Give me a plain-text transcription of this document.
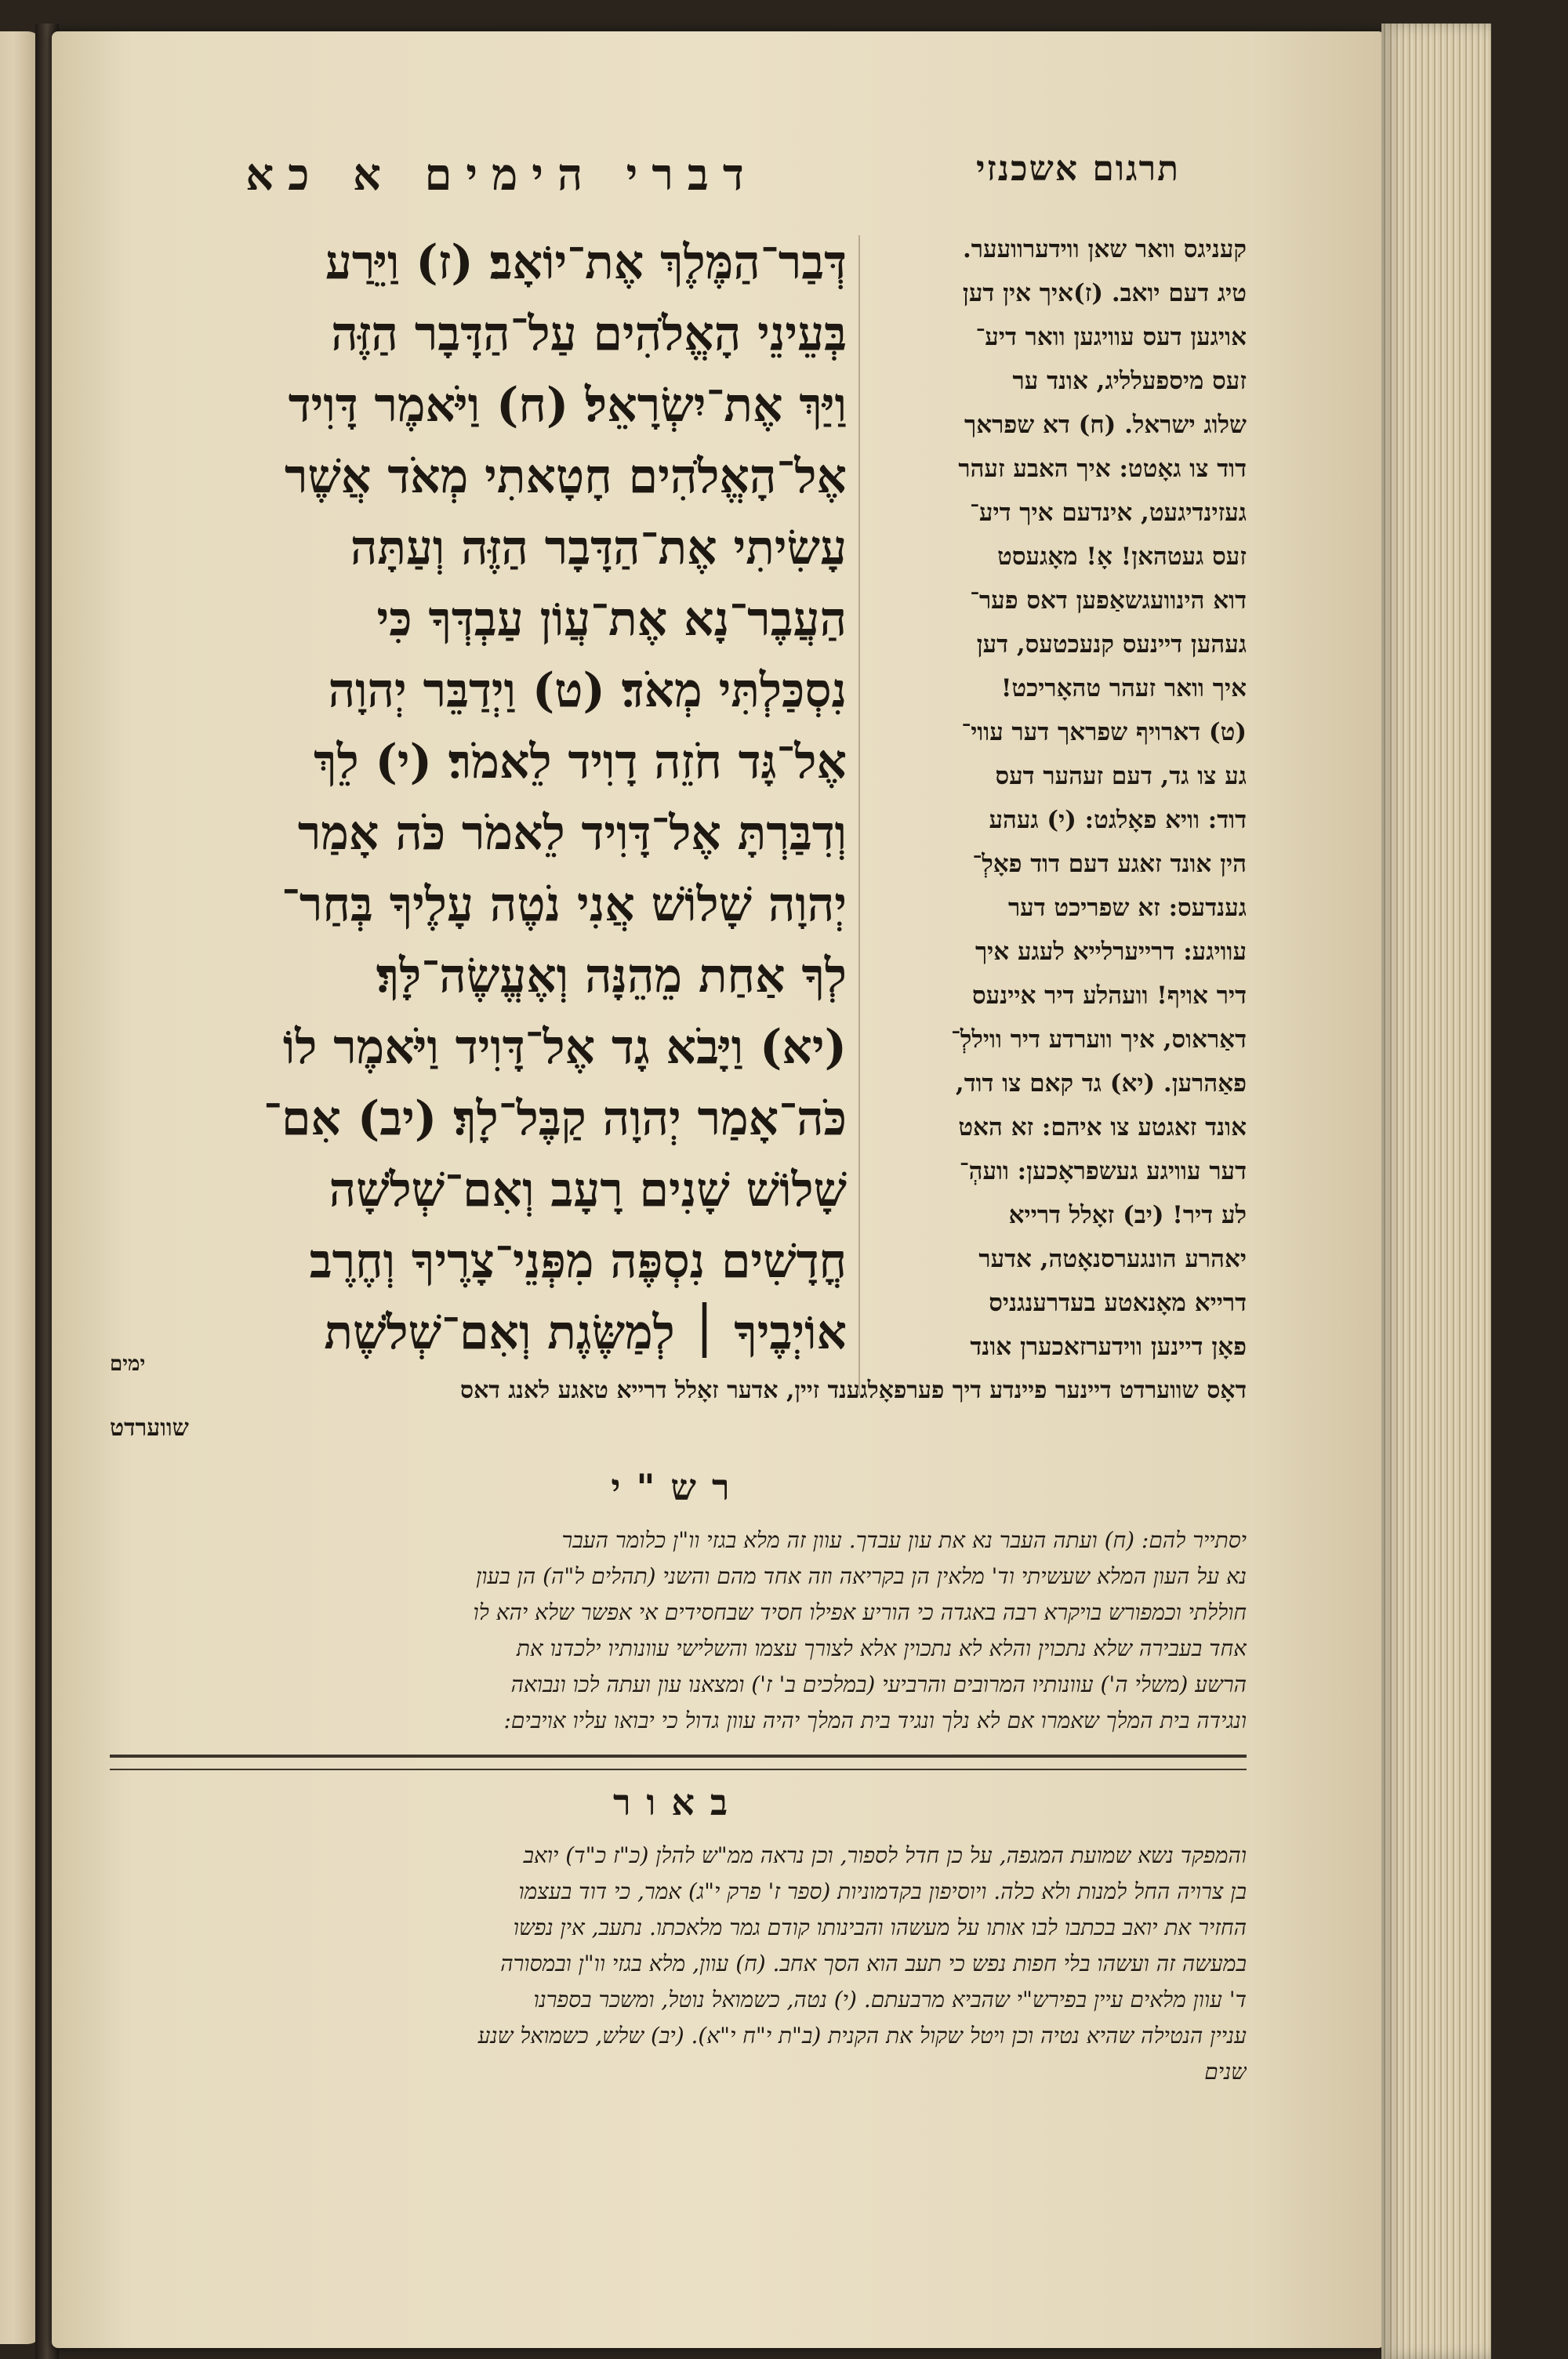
תרגום אשכנזי
דברי הימים א כא
קעניגס וואר שאן ווידערוועער.
טיג דעם יואב. (ז)איך אין דען
אויגען דעס עוויגען וואר דיע־
זעס מיספעלליג, אונד ער
שלוג ישראל. (ח) דא שפראך
דוד צו גאָטט: איך האבע זעהר
געזינדיגעט, אינדעם איך דיע־
זעס געטהאן! אָ! מאָגעסט
דוא הינוועגשאַפען דאס פער־
געהען דיינעס קנעכטעס, דען
איך וואר זעהר טהאָריכט!
(ט) דארויף שפראך דער עווי־
גע צו גד, דעם זעהער דעס
דוד: וויא פאָלגט: (י) געהע
הין אונד זאגע דעם דוד פאָלְ־
גענדעס: זא שפריכט דער
עוויגע: דרייערלייא לעגע איך
דיר אויף! וועהלע דיר איינעס
דאַראוס, איך ווערדע דיר וויללְ־
פאַהרען. (יא) גד קאם צו דוד,
אונד זאגטע צו איהם: זא האט
דער עוויגע געשפראָכען: וועהְ־
לע דיר! (יב) זאָלל דרייא
יאהרע הונגערסנאָטה, אדער
דרייא מאָנאטע בעדרענגניס
פאָן דיינען ווידערזאכערן אונד
דְּבַר־הַמֶּלֶךְ אֶת־יוֹאָב׃ (ז) וַיֵּרַע
בְּעֵינֵי הָאֱלֹהִים עַל־הַדָּבָר הַזֶּה
וַיַּךְ אֶת־יִשְׂרָאֵל׃ (ח) וַיֹּאמֶר דָּוִיד
אֶל־הָאֱלֹהִים חָטָאתִי מְאֹד אֲשֶׁר
עָשִׂיתִי אֶת־הַדָּבָר הַזֶּה וְעַתָּה
הַעֲבֶר־נָא אֶת־עֲוֹן עַבְדְּךָ כִּי
נִסְכַּלְתִּי מְאֹד׃ (ט) וַיְדַבֵּר יְהוָה
אֶל־גָּד חֹזֵה דָוִיד לֵאמֹר׃ (י) לֵךְ
וְדִבַּרְתָּ אֶל־דָּוִיד לֵאמֹר כֹּה אָמַר
יְהוָה שָׁלוֹשׁ אֲנִי נֹטֶה עָלֶיךָ בְּחַר־
לְךָ אַחַת מֵהֵנָּה וְאֶעֱשֶׂה־לָּךְ׃
(יא) וַיָּבֹא גָד אֶל־דָּוִיד וַיֹּאמֶר לוֹ
כֹּה־אָמַר יְהוָה קַבֶּל־לָךְ׃ (יב) אִם־
שָׁלוֹשׁ שָׁנִים רָעָב וְאִם־שְׁלֹשָׁה
חֳדָשִׁים נִסְפֶּה מִפְּנֵי־צָרֶיךָ וְחֶרֶב
אוֹיְבֶיךָ ׀ לְמַשֶּׂגֶת וְאִם־שְׁלֹשֶׁת
דאָס שווערדט דיינער פיינדע דיך פערפאָלגענד זיין, אדער זאָלל דרייא טאגע לאנג דאס
ימים
שווערדט
רש"י
יסתייר להם: (ח) ועתה העבר נא את עון עבדך. עוון זה מלא בגזי וו"ן כלומר העבר
נא על העון המלא שעשיתי וד' מלאין הן בקריאה וזה אחד מהם והשני (תהלים ל"ה) הן בעון
חוללתי וכמפורש בויקרא רבה באגדה כי הוריע אפילו חסיד שבחסידים אי אפשר שלא יהא לו
אחד בעבירה שלא נתכוין והלא לא נתכוין אלא לצורך עצמו והשלישי עוונותיו ילכדנו את
הרשע (משלי ה') עוונותיו המרובים והרביעי (במלכים ב' ז') ומצאנו עון ועתה לכו ונבואה
ונגידה בית המלך שאמרו אם לא נלך ונגיד בית המלך יהיה עוון גדול כי יבואו עליו אויבים:
באור
והמפקד נשא שמועת המגפה, על כן חדל לספור, וכן נראה ממ"ש להלן (כ"ז כ"ד) יואב
בן צרויה החל למנות ולא כלה. ויוסיפון בקדמוניות (ספר ז' פרק י"ג) אמר, כי דוד בעצמו
החזיר את יואב בכתבו לבו אותו על מעשהו והבינותו קודם גמר מלאכתו. נתעב, אין נפשו
במעשה זה ועשהו בלי חפות נפש כי תעב הוא הסך אחב. (ח) עוון, מלא בגזי וו"ן ובמסורה
ד' עוון מלאים עיין בפירש"י שהביא מרבעתם. (י) נטה, כשמואל נוטל, ומשכר בספרנו
עניין הנטילה שהיא נטיה וכן ויטל שקול את הקנית (ב"ת י"ח י"א). (יב) שלש, כשמואל שנע
שנים
